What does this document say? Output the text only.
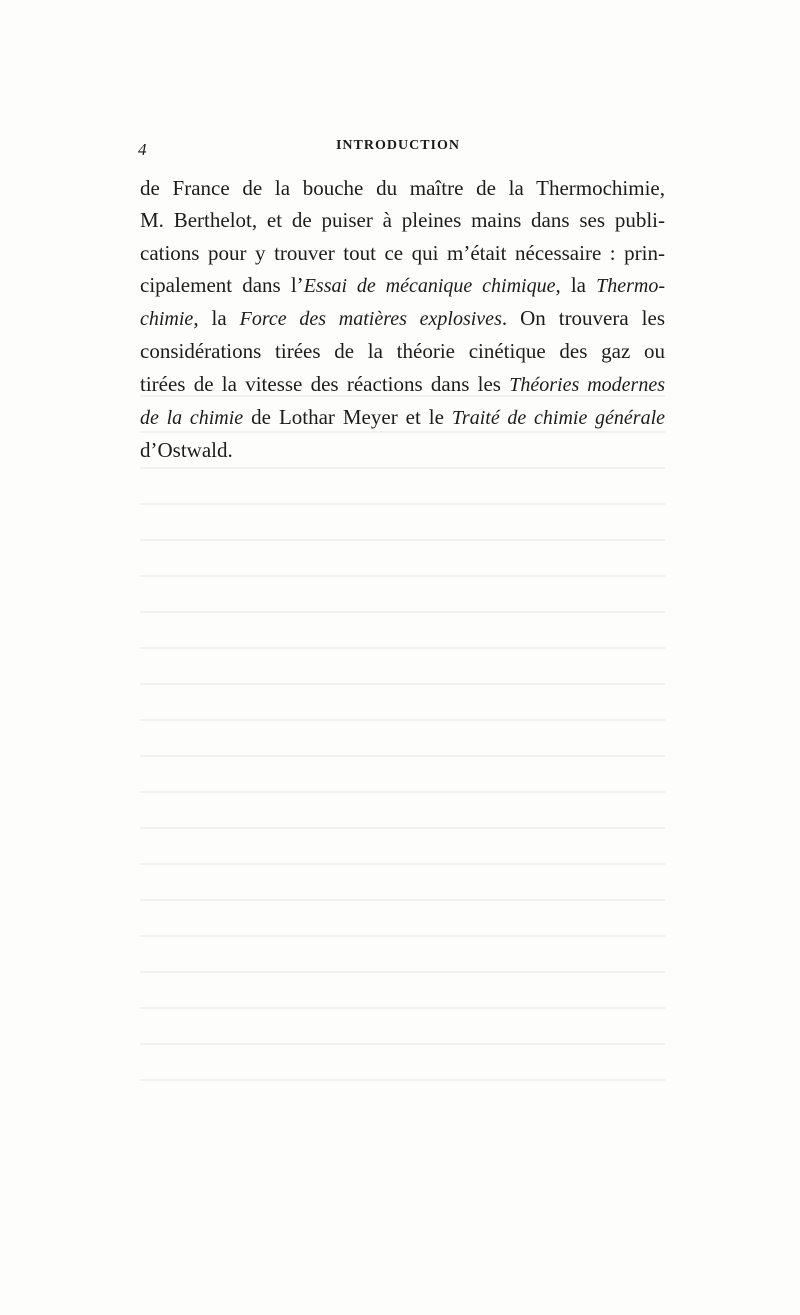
4	INTRODUCTION
de France de la bouche du maître de la Thermochimie,
M. Berthelot, et de puiser à pleines mains dans ses publi-
cations pour y trouver tout ce qui m’était nécessaire : prin-
cipalement dans l’Essai de mécanique chimique, la Thermo-
chimie, la Force des matières explosives. On trouvera les
considérations tirées de la théorie cinétique des gaz ou
tirées de la vitesse des réactions dans les Théories modernes
de la chimie de Lothar Meyer et le Traité de chimie générale
d’Ostwald.
